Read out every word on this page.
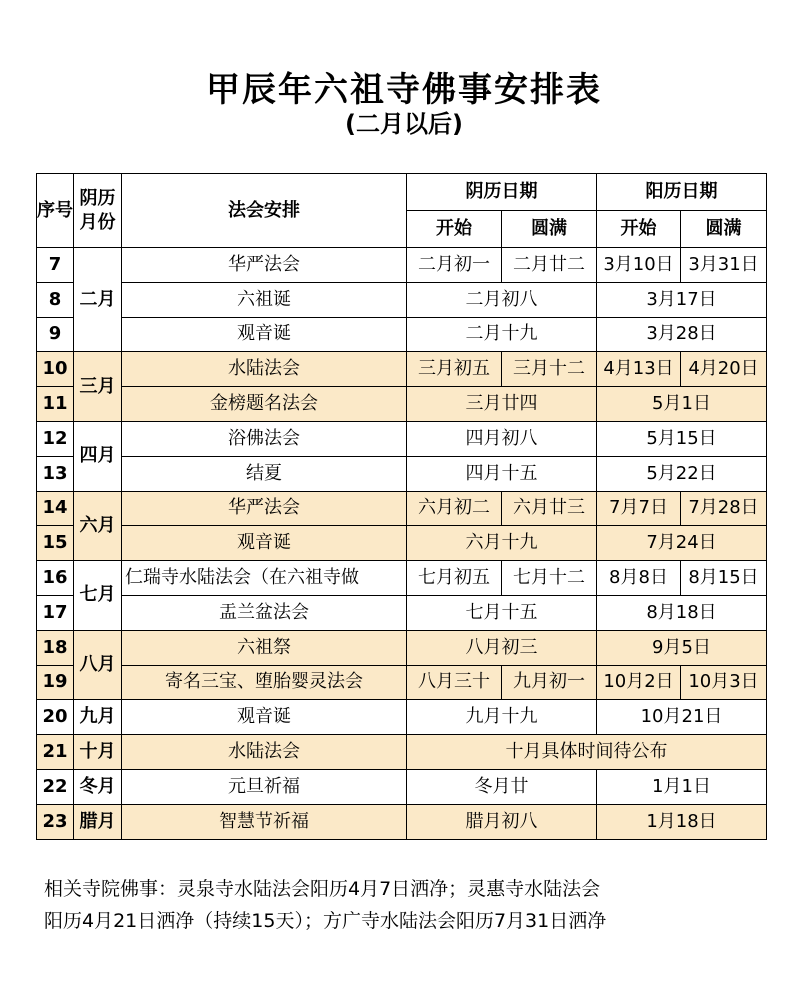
甲辰年六祖寺佛事安排表
(二月以后)
序号	阴历月份	法会安排	阴历日期		阳历日期	
			开始	圆满	开始	圆满
7	二月	华严法会	二月初一	二月廿二	3月10日	3月31日
8		六祖诞	二月初八		3月17日	
9		观音诞	二月十九		3月28日	
10	三月	水陆法会	三月初五	三月十二	4月13日	4月20日
11		金榜题名法会	三月廿四		5月1日	
12	四月	浴佛法会	四月初八		5月15日	
13		结夏	四月十五		5月22日	
14	六月	华严法会	六月初二	六月廿三	7月7日	7月28日
15		观音诞	六月十九		7月24日	
16	七月	仁瑞寺水陆法会（在六祖寺做	七月初五	七月十二	8月8日	8月15日
17		盂兰盆法会	七月十五		8月18日	
18	八月	六祖祭	八月初三		9月5日	
19		寄名三宝、堕胎婴灵法会	八月三十	九月初一	10月2日	10月3日
20	九月	观音诞	九月十九		10月21日	
21	十月	水陆法会	十月具体时间待公布			
22	冬月	元旦祈福	冬月廿		1月1日	
23	腊月	智慧节祈福	腊月初八		1月18日	
相关寺院佛事：灵泉寺水陆法会阳历4月7日洒净；灵惠寺水陆法会
阳历4月21日洒净（持续15天）；方广寺水陆法会阳历7月31日洒净
